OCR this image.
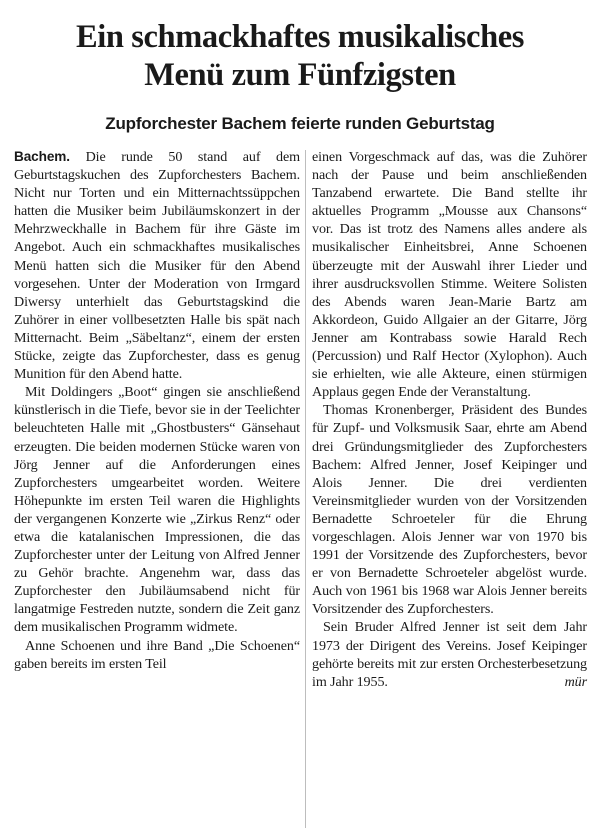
Ein schmackhaftes musikalisches
Menü zum Fünfzigsten
Zupforchester Bachem feierte runden Geburtstag

Bachem. Die runde 50 stand auf dem Geburtstagskuchen des Zupforchesters Bachem. Nicht nur Torten und ein Mitternachtssüppchen hatten die Musiker beim Jubiläumskonzert in der Mehrzweckhalle in Bachem für ihre Gäste im Angebot. Auch ein schmackhaftes musikalisches Menü hatten sich die Musiker für den Abend vorgesehen. Unter der Moderation von Irmgard Diwersy unterhielt das Geburtstagskind die Zuhörer in einer vollbesetzten Halle bis spät nach Mitternacht. Beim „Säbeltanz“, einem der ersten Stücke, zeigte das Zupforchester, dass es genug Munition für den Abend hatte.

Mit Doldingers „Boot“ gingen sie anschließend künstlerisch in die Tiefe, bevor sie in der Teelichter beleuchteten Halle mit „Ghostbusters“ Gänsehaut erzeugten. Die beiden modernen Stücke waren von Jörg Jenner auf die Anforderungen eines Zupforchesters umgearbeitet worden. Weitere Höhepunkte im ersten Teil waren die Highlights der vergangenen Konzerte wie „Zirkus Renz“ oder etwa die katalanischen Impressionen, die das Zupforchester unter der Leitung von Alfred Jenner zu Gehör brachte. Angenehm war, dass das Zupforchester den Jubiläumsabend nicht für langatmige Festreden nutzte, sondern die Zeit ganz dem musikalischen Programm widmete.

Anne Schoenen und ihre Band „Die Schoenen“ gaben bereits im ersten Teil

einen Vorgeschmack auf das, was die Zuhörer nach der Pause und beim anschließenden Tanzabend erwartete. Die Band stellte ihr aktuelles Programm „Mousse aux Chansons“ vor. Das ist trotz des Namens alles andere als musikalischer Einheitsbrei, Anne Schoenen überzeugte mit der Auswahl ihrer Lieder und ihrer ausdrucksvollen Stimme. Weitere Solisten des Abends waren Jean-Marie Bartz am Akkordeon, Guido Allgaier an der Gitarre, Jörg Jenner am Kontrabass sowie Harald Rech (Percussion) und Ralf Hector (Xylophon). Auch sie erhielten, wie alle Akteure, einen stürmigen Applaus gegen Ende der Veranstaltung.

Thomas Kronenberger, Präsident des Bundes für Zupf- und Volksmusik Saar, ehrte am Abend drei Gründungsmitglieder des Zupforchesters Bachem: Alfred Jenner, Josef Keipinger und Alois Jenner. Die drei verdienten Vereinsmitglieder wurden von der Vorsitzenden Bernadette Schroeteler für die Ehrung vorgeschlagen. Alois Jenner war von 1970 bis 1991 der Vorsitzende des Zupforchesters, bevor er von Bernadette Schroeteler abgelöst wurde. Auch von 1961 bis 1968 war Alois Jenner bereits Vorsitzender des Zupforchesters.

Sein Bruder Alfred Jenner ist seit dem Jahr 1973 der Dirigent des Vereins. Josef Keipinger gehörte bereits mit zur ersten Orchesterbesetzung im Jahr 1955.	mür
